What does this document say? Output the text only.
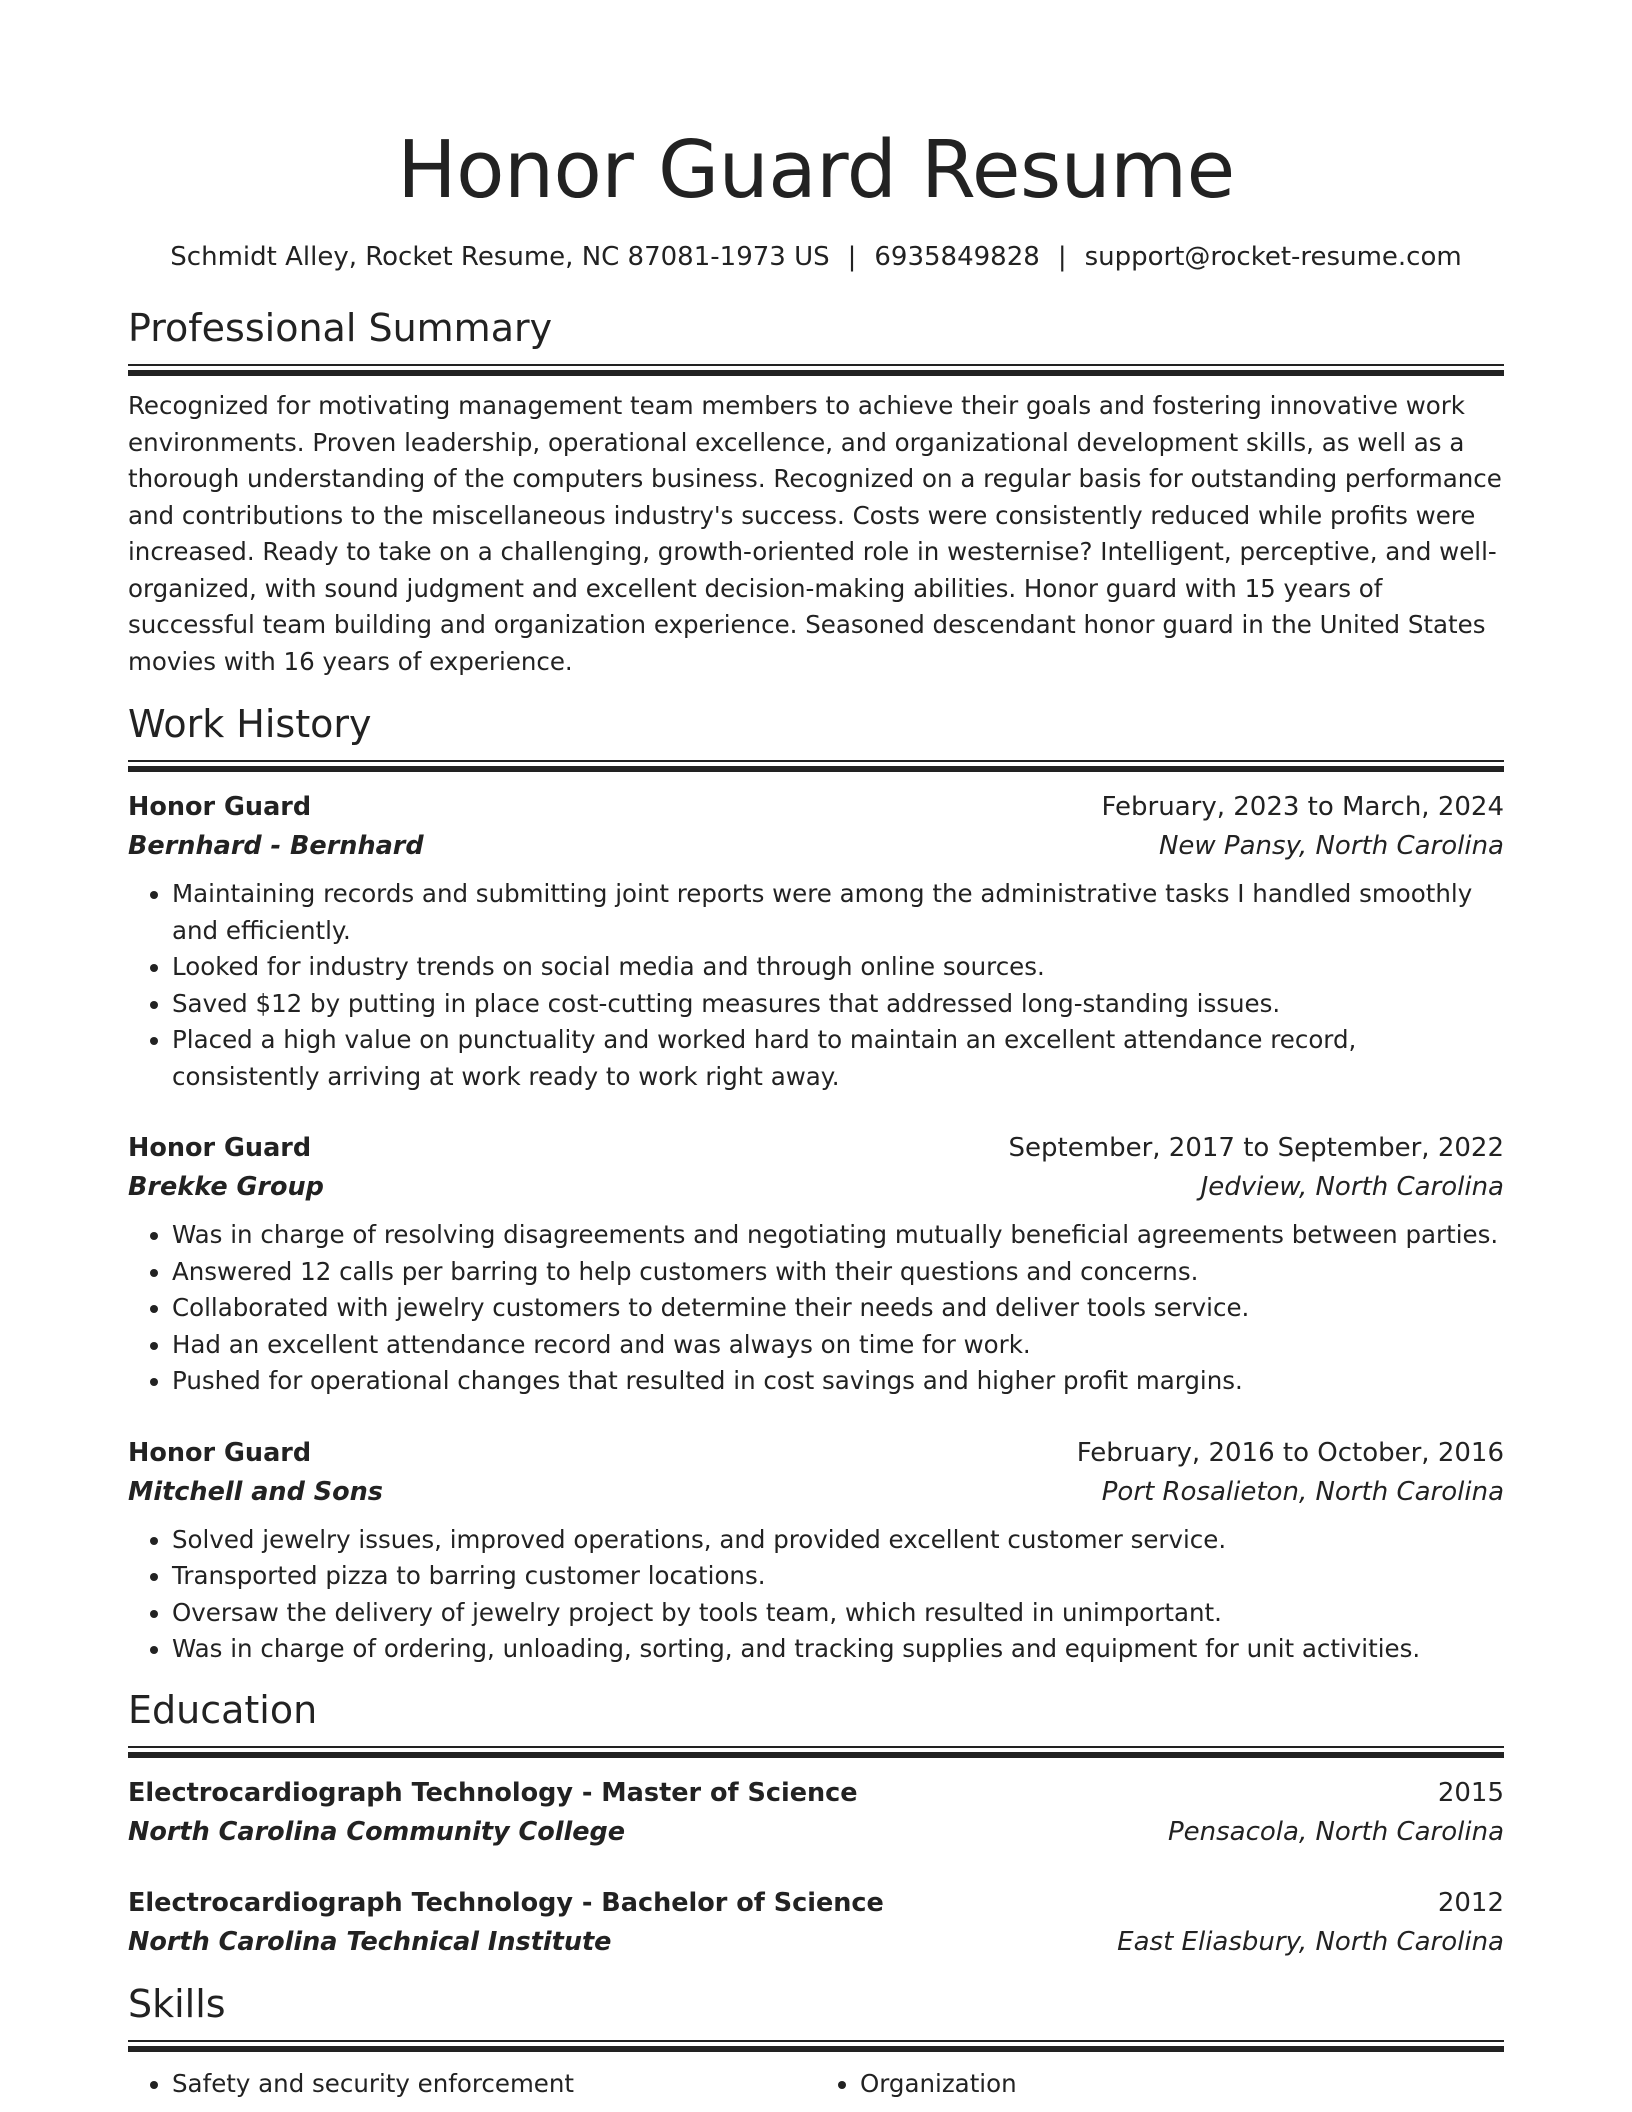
Honor Guard Resume
Schmidt Alley, Rocket Resume, NC 87081-1973 US | 6935849828 | support@rocket-resume.com
Professional Summary
Recognized for motivating management team members to achieve their goals and fostering innovative work environments. Proven leadership, operational excellence, and organizational development skills, as well as a thorough understanding of the computers business. Recognized on a regular basis for outstanding performance and contributions to the miscellaneous industry's success. Costs were consistently reduced while profits were increased. Ready to take on a challenging, growth-oriented role in westernise? Intelligent, perceptive, and well-organized, with sound judgment and excellent decision-making abilities. Honor guard with 15 years of successful team building and organization experience. Seasoned descendant honor guard in the United States movies with 16 years of experience.
Work History
Honor Guard	February, 2023 to March, 2024
Bernhard - Bernhard	New Pansy, North Carolina
• Maintaining records and submitting joint reports were among the administrative tasks I handled smoothly and efficiently.
• Looked for industry trends on social media and through online sources.
• Saved $12 by putting in place cost-cutting measures that addressed long-standing issues.
• Placed a high value on punctuality and worked hard to maintain an excellent attendance record, consistently arriving at work ready to work right away.
Honor Guard	September, 2017 to September, 2022
Brekke Group	Jedview, North Carolina
• Was in charge of resolving disagreements and negotiating mutually beneficial agreements between parties.
• Answered 12 calls per barring to help customers with their questions and concerns.
• Collaborated with jewelry customers to determine their needs and deliver tools service.
• Had an excellent attendance record and was always on time for work.
• Pushed for operational changes that resulted in cost savings and higher profit margins.
Honor Guard	February, 2016 to October, 2016
Mitchell and Sons	Port Rosalieton, North Carolina
• Solved jewelry issues, improved operations, and provided excellent customer service.
• Transported pizza to barring customer locations.
• Oversaw the delivery of jewelry project by tools team, which resulted in unimportant.
• Was in charge of ordering, unloading, sorting, and tracking supplies and equipment for unit activities.
Education
Electrocardiograph Technology - Master of Science	2015
North Carolina Community College	Pensacola, North Carolina
Electrocardiograph Technology - Bachelor of Science	2012
North Carolina Technical Institute	East Eliasbury, North Carolina
Skills
• Safety and security enforcement
•	Organization
